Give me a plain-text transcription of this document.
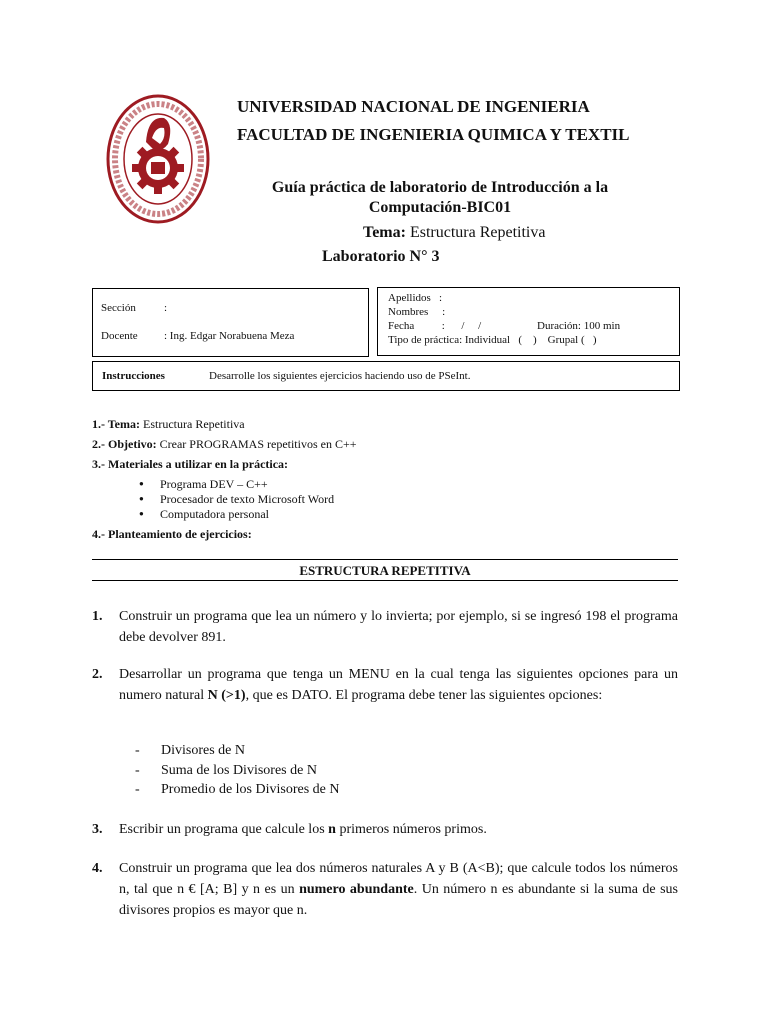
UNIVERSIDAD NACIONAL DE INGENIERIA
FACULTAD DE INGENIERIA QUIMICA Y TEXTIL
Guía práctica de laboratorio de Introducción a la Computación-BIC01
Tema: Estructura Repetitiva
Laboratorio N° 3
Sección	:
Docente : Ing. Edgar Norabuena Meza
Apellidos   :
Nombres     :
Fecha          :      /     /	Duración: 100 min
Tipo de práctica: Individual   (    )    Grupal (   )
Instrucciones	Desarrolle los siguientes ejercicios haciendo uso de PSeInt.
1.- Tema: Estructura Repetitiva
2.- Objetivo: Crear PROGRAMAS repetitivos en C++
3.- Materiales a utilizar en la práctica:
● Programa DEV – C++
● Procesador de texto Microsoft Word
● Computadora personal
4.- Planteamiento de ejercicios:
ESTRUCTURA REPETITIVA
1. Construir un programa que lea un número y lo invierta; por ejemplo, si se ingresó 198 el programa debe devolver 891.
2. Desarrollar un programa que tenga un MENU en la cual tenga las siguientes opciones para un numero natural N (>1), que es DATO. El programa debe tener las siguientes opciones:
- Divisores de N
- Suma de los Divisores de N
- Promedio de los Divisores de N
3. Escribir un programa que calcule los n primeros números primos.
4. Construir un programa que lea dos números naturales A y B (A<B); que calcule todos los números n, tal que n € [A; B] y n es un numero abundante. Un número n es abundante si la suma de sus divisores propios es mayor que n.
